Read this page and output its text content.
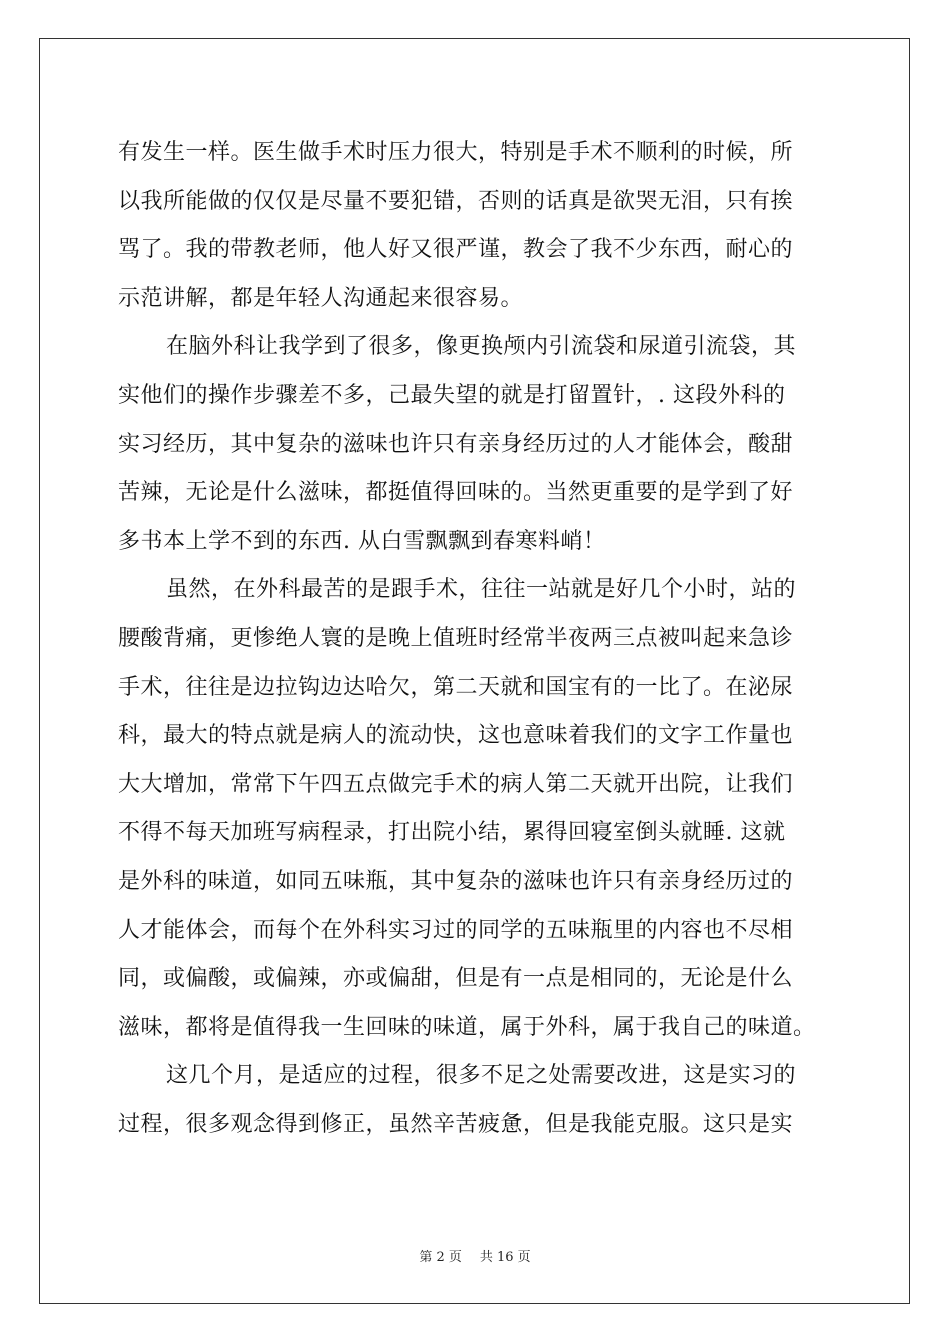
有发生一样。医生做手术时压力很大，特别是手术不顺利的时候，所
以我所能做的仅仅是尽量不要犯错，否则的话真是欲哭无泪，只有挨
骂了。我的带教老师，他人好又很严谨，教会了我不少东西，耐心的
示范讲解，都是年轻人沟通起来很容易。
在脑外科让我学到了很多，像更换颅内引流袋和尿道引流袋，其
实他们的操作步骤差不多，己最失望的就是打留置针，. 这段外科的
实习经历，其中复杂的滋味也许只有亲身经历过的人才能体会，酸甜
苦辣，无论是什么滋味，都挺值得回味的。当然更重要的是学到了好
多书本上学不到的东西. 从白雪飘飘到春寒料峭！
虽然，在外科最苦的是跟手术，往往一站就是好几个小时，站的
腰酸背痛，更惨绝人寰的是晚上值班时经常半夜两三点被叫起来急诊
手术，往往是边拉钩边达哈欠，第二天就和国宝有的一比了。在泌尿
科，最大的特点就是病人的流动快，这也意味着我们的文字工作量也
大大增加，常常下午四五点做完手术的病人第二天就开出院，让我们
不得不每天加班写病程录，打出院小结，累得回寝室倒头就睡. 这就
是外科的味道，如同五味瓶，其中复杂的滋味也许只有亲身经历过的
人才能体会，而每个在外科实习过的同学的五味瓶里的内容也不尽相
同，或偏酸，或偏辣，亦或偏甜，但是有一点是相同的，无论是什么
滋味，都将是值得我一生回味的味道，属于外科，属于我自己的味道。
这几个月，是适应的过程，很多不足之处需要改进，这是实习的
过程，很多观念得到修正，虽然辛苦疲惫，但是我能克服。这只是实
第 2 页 共 16 页
